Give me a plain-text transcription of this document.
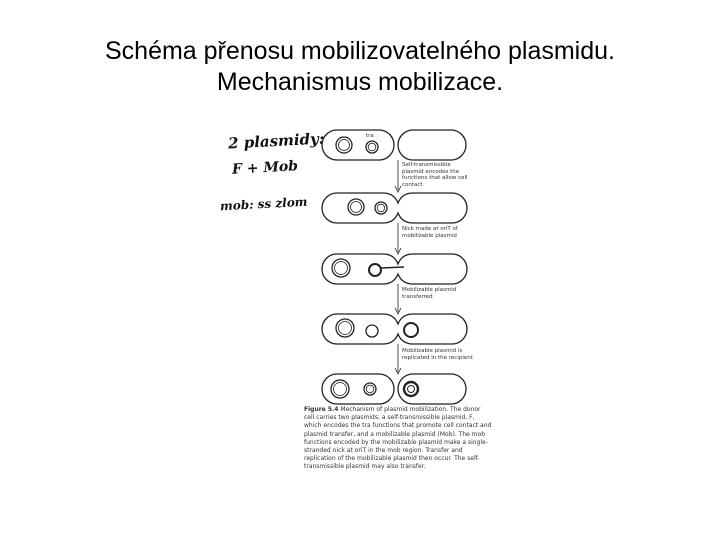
Schéma přenosu mobilizovatelného plasmidu.
Mechanismus mobilizace.
2 plasmidy:
F + Mob
mob: ss zlom
tra
Self-transmissible plasmid encodes the functions that allow cell contact
Nick made at oriT of mobilizable plasmid
Mobilizable plasmid transferred
Mobilizable plasmid is replicated in the recipient
Figure 5.4 Mechanism of plasmid mobilization. The donor cell carries two plasmids, a self-transmissible plasmid, F, which encodes the tra functions that promote cell contact and plasmid transfer, and a mobilizable plasmid (Mob). The mob functions encoded by the mobilizable plasmid make a single-stranded nick at oriT in the mob region. Transfer and replication of the mobilizable plasmid then occur. The self-transmissible plasmid may also transfer.
